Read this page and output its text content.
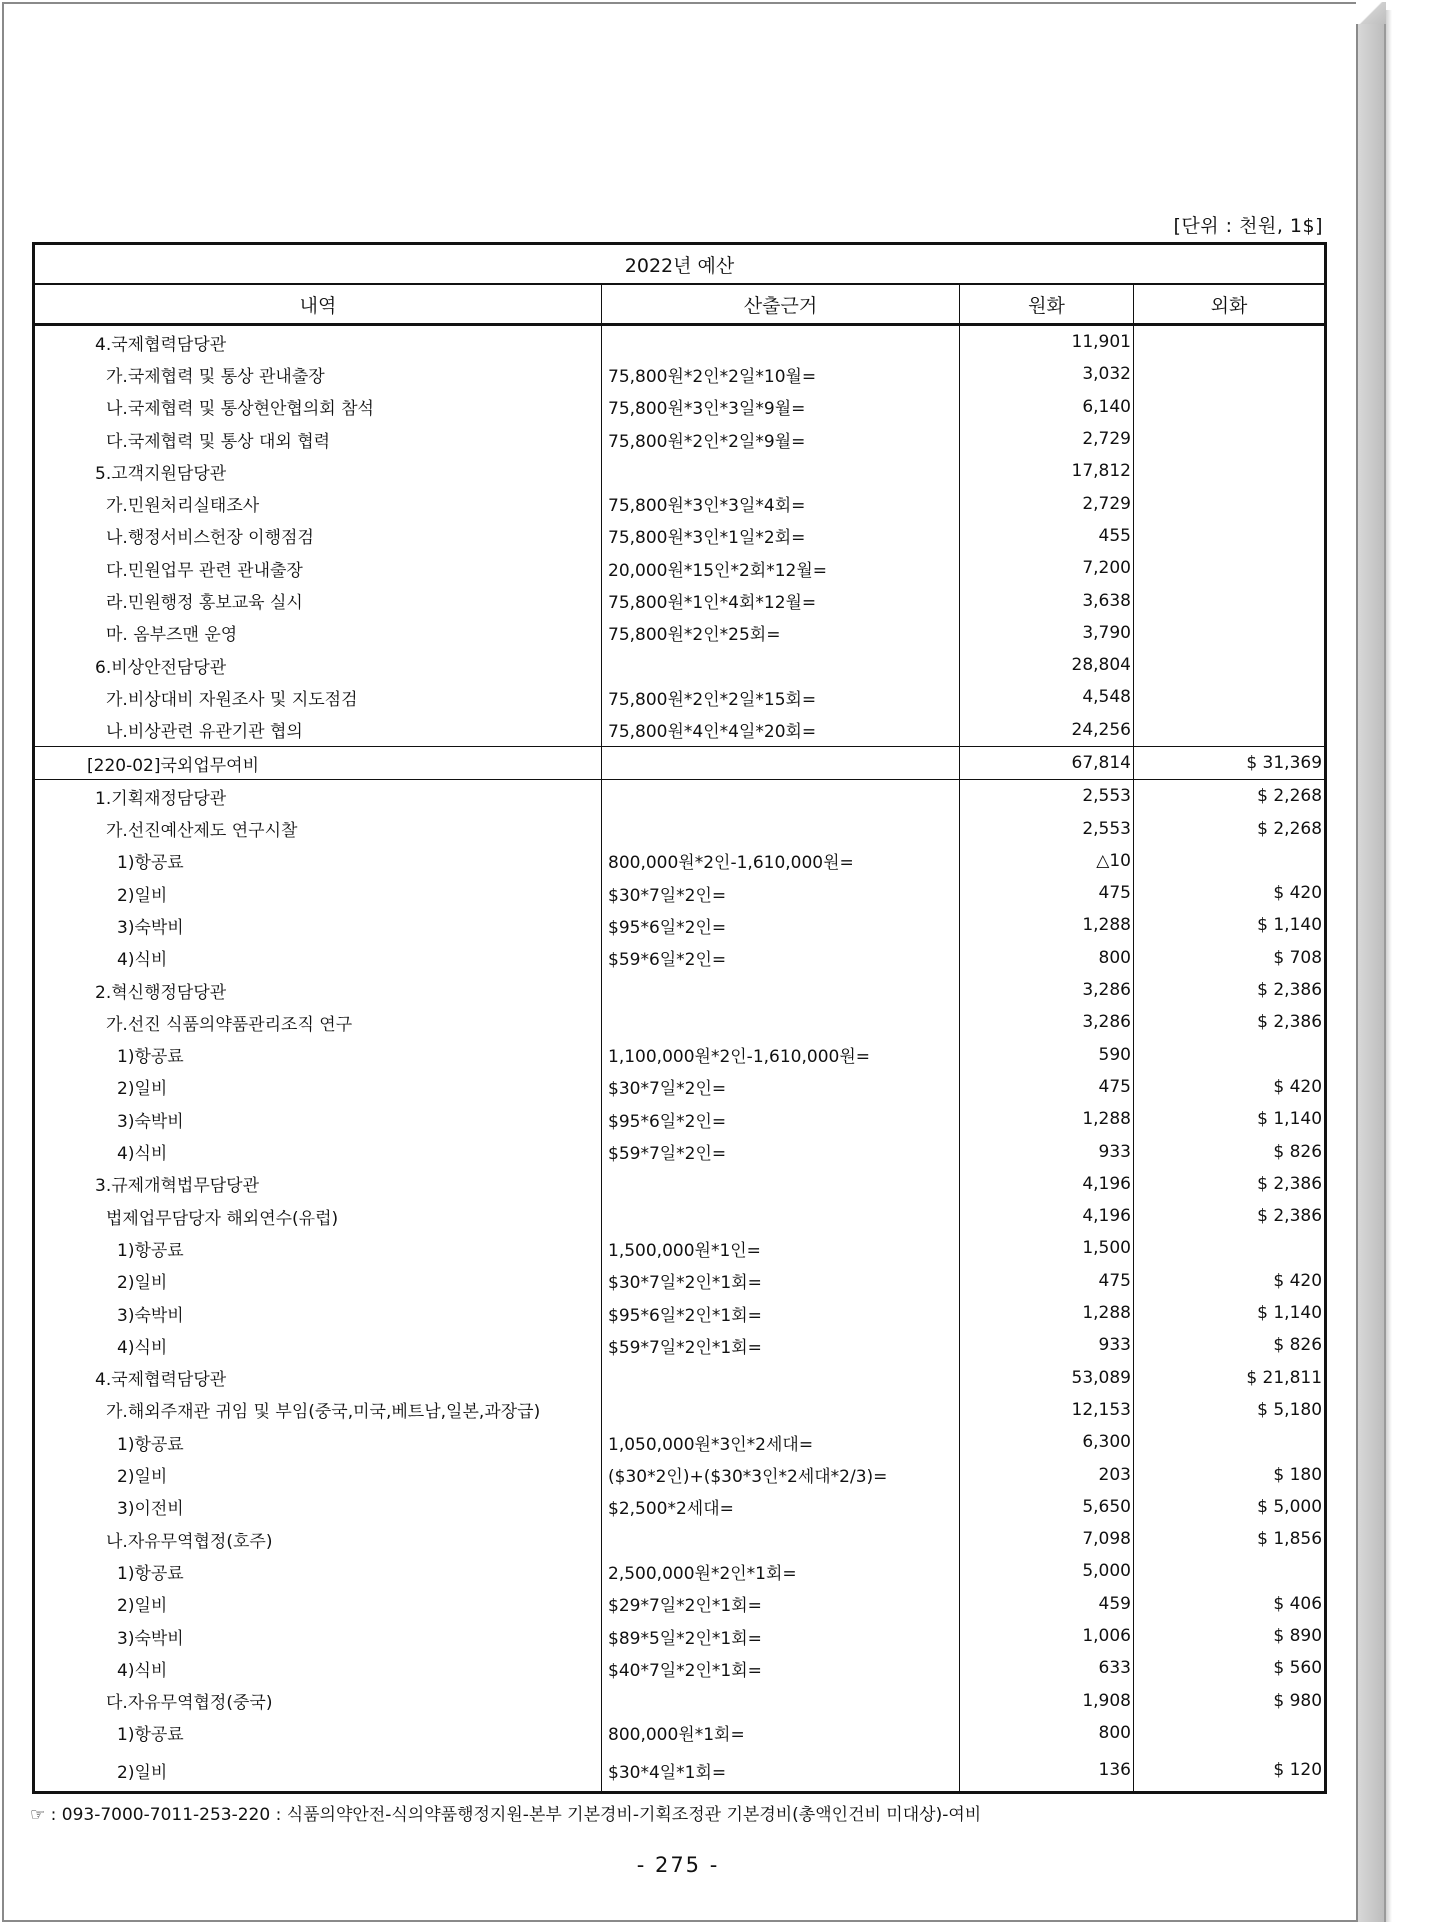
[단위 : 천원, 1$]
2022년 예산			
내역	산출근거	원화	외화
4.국제협력담당관		11,901	
가.국제협력 및 통상 관내출장	75,800원*2인*2일*10월=	3,032	
나.국제협력 및 통상현안협의회 참석	75,800원*3인*3일*9월=	6,140	
다.국제협력 및 통상 대외 협력	75,800원*2인*2일*9월=	2,729	
5.고객지원담당관		17,812	
가.민원처리실태조사	75,800원*3인*3일*4회=	2,729	
나.행정서비스헌장 이행점검	75,800원*3인*1일*2회=	455	
다.민원업무 관련 관내출장	20,000원*15인*2회*12월=	7,200	
라.민원행정 홍보교육 실시	75,800원*1인*4회*12월=	3,638	
마. 옴부즈맨 운영	75,800원*2인*25회=	3,790	
6.비상안전담당관		28,804	
가.비상대비 자원조사 및 지도점검	75,800원*2인*2일*15회=	4,548	
나.비상관련 유관기관 협의	75,800원*4인*4일*20회=	24,256	
[220-02]국외업무여비		67,814	$ 31,369
1.기획재정담당관		2,553	$ 2,268
가.선진예산제도 연구시찰		2,553	$ 2,268
1)항공료	800,000원*2인-1,610,000원=	△10	
2)일비	$30*7일*2인=	475	$ 420
3)숙박비	$95*6일*2인=	1,288	$ 1,140
4)식비	$59*6일*2인=	800	$ 708
2.혁신행정담당관		3,286	$ 2,386
가.선진 식품의약품관리조직 연구		3,286	$ 2,386
1)항공료	1,100,000원*2인-1,610,000원=	590	
2)일비	$30*7일*2인=	475	$ 420
3)숙박비	$95*6일*2인=	1,288	$ 1,140
4)식비	$59*7일*2인=	933	$ 826
3.규제개혁법무담당관		4,196	$ 2,386
법제업무담당자 해외연수(유럽)		4,196	$ 2,386
1)항공료	1,500,000원*1인=	1,500	
2)일비	$30*7일*2인*1회=	475	$ 420
3)숙박비	$95*6일*2인*1회=	1,288	$ 1,140
4)식비	$59*7일*2인*1회=	933	$ 826
4.국제협력담당관		53,089	$ 21,811
가.해외주재관 귀임 및 부임(중국,미국,베트남,일본,과장급)		12,153	$ 5,180
1)항공료	1,050,000원*3인*2세대=	6,300	
2)일비	($30*2인)+($30*3인*2세대*2/3)=	203	$ 180
3)이전비	$2,500*2세대=	5,650	$ 5,000
나.자유무역협정(호주)		7,098	$ 1,856
1)항공료	2,500,000원*2인*1회=	5,000	
2)일비	$29*7일*2인*1회=	459	$ 406
3)숙박비	$89*5일*2인*1회=	1,006	$ 890
4)식비	$40*7일*2인*1회=	633	$ 560
다.자유무역협정(중국)		1,908	$ 980
1)항공료	800,000원*1회=	800	
2)일비	$30*4일*1회=	136	$ 120
☞ : 093-7000-7011-253-220 : 식품의약안전-식의약품행정지원-본부 기본경비-기획조정관 기본경비(총액인건비 미대상)-여비
- 275 -
